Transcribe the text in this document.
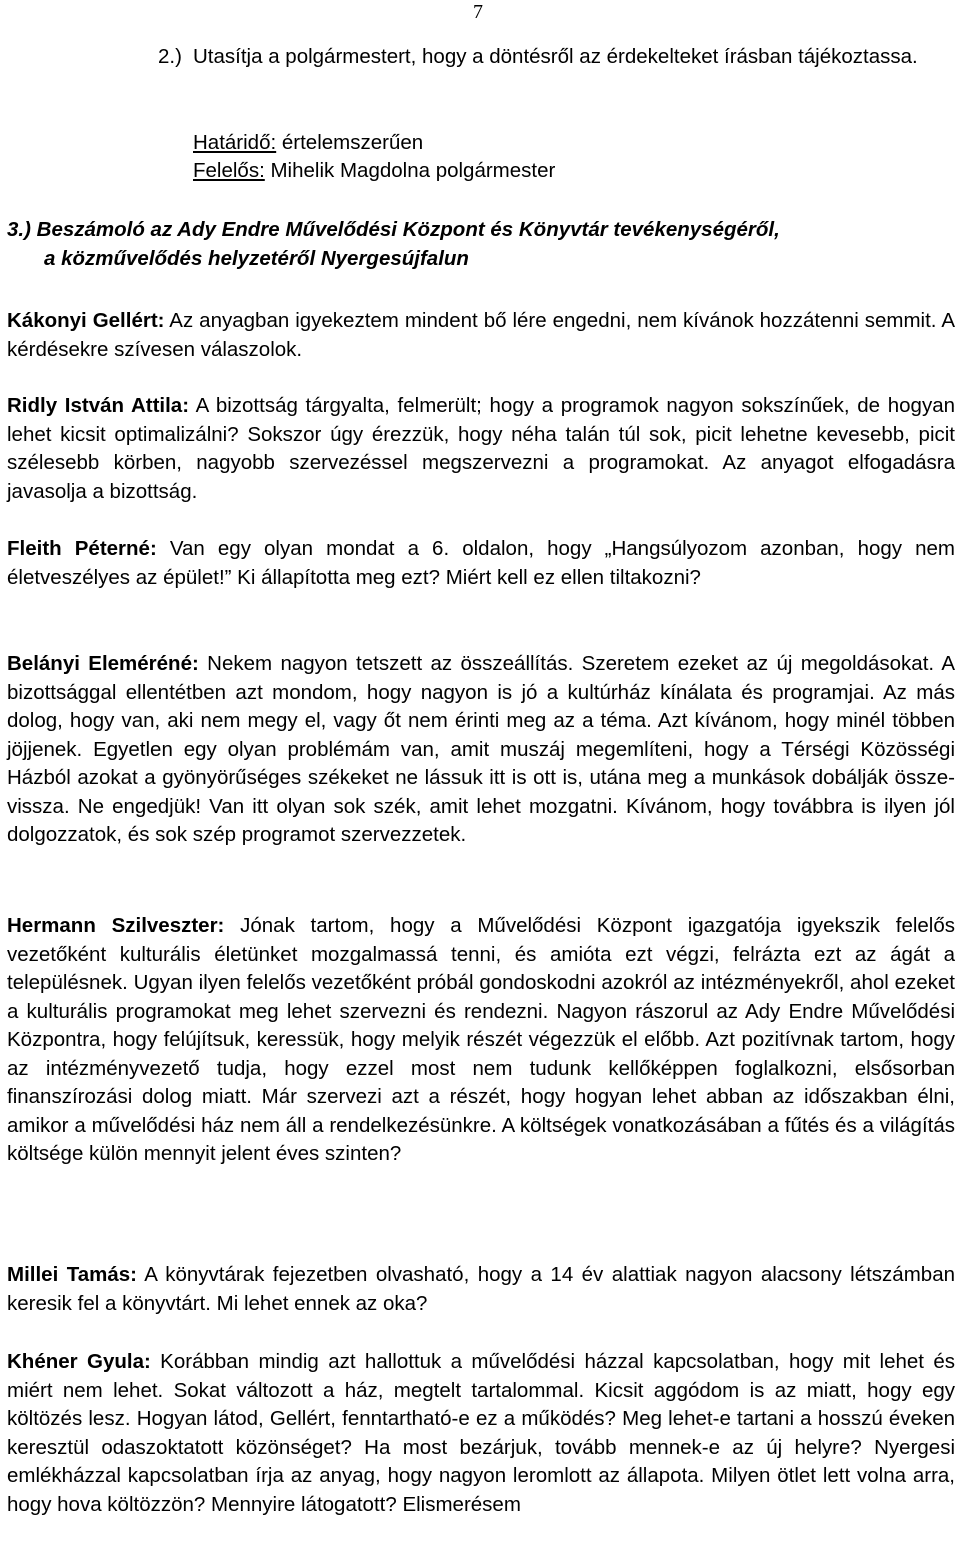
7
2.) Utasítja a polgármestert, hogy a döntésről az érdekelteket írásban tájékoztassa.
Határidő: értelemszerűen
Felelős: Mihelik Magdolna polgármester
3.) Beszámoló az Ady Endre Művelődési Központ és Könyvtár tevékenységéről,
a közművelődés helyzetéről Nyergesújfalun
Kákonyi Gellért: Az anyagban igyekeztem mindent bő lére engedni, nem kívánok hozzátenni semmit. A kérdésekre szívesen válaszolok.
Ridly István Attila: A bizottság tárgyalta, felmerült; hogy a programok nagyon sokszínűek, de hogyan lehet kicsit optimalizálni? Sokszor úgy érezzük, hogy néha talán túl sok, picit lehetne kevesebb, picit szélesebb körben, nagyobb szervezéssel megszervezni a programokat. Az anyagot elfogadásra javasolja a bizottság.
Fleith Péterné: Van egy olyan mondat a 6. oldalon, hogy „Hangsúlyozom azonban, hogy nem életveszélyes az épület!” Ki állapította meg ezt? Miért kell ez ellen tiltakozni?
Belányi Eleméréné: Nekem nagyon tetszett az összeállítás. Szeretem ezeket az új megoldásokat. A bizottsággal ellentétben azt mondom, hogy nagyon is jó a kultúrház kínálata és programjai. Az más dolog, hogy van, aki nem megy el, vagy őt nem érinti meg az a téma. Azt kívánom, hogy minél többen jöjjenek. Egyetlen egy olyan problémám van, amit muszáj megemlíteni, hogy a Térségi Közösségi Házból azokat a gyönyörűséges székeket ne lássuk itt is ott is, utána meg a munkások dobálják össze-vissza. Ne engedjük! Van itt olyan sok szék, amit lehet mozgatni. Kívánom, hogy továbbra is ilyen jól dolgozzatok, és sok szép programot szervezzetek.
Hermann Szilveszter: Jónak tartom, hogy a Művelődési Központ igazgatója igyekszik felelős vezetőként kulturális életünket mozgalmassá tenni, és amióta ezt végzi, felrázta ezt az ágát a településnek. Ugyan ilyen felelős vezetőként próbál gondoskodni azokról az intézményekről, ahol ezeket a kulturális programokat meg lehet szervezni és rendezni. Nagyon rászorul az Ady Endre Művelődési Központra, hogy felújítsuk, keressük, hogy melyik részét végezzük el előbb. Azt pozitívnak tartom, hogy az intézményvezető tudja, hogy ezzel most nem tudunk kellőképpen foglalkozni, elsősorban finanszírozási dolog miatt. Már szervezi azt a részét, hogy hogyan lehet abban az időszakban élni, amikor a művelődési ház nem áll a rendelkezésünkre. A költségek vonatkozásában a fűtés és a világítás költsége külön mennyit jelent éves szinten?
Millei Tamás: A könyvtárak fejezetben olvasható, hogy a 14 év alattiak nagyon alacsony létszámban keresik fel a könyvtárt. Mi lehet ennek az oka?
Khéner Gyula: Korábban mindig azt hallottuk a művelődési házzal kapcsolatban, hogy mit lehet és miért nem lehet. Sokat változott a ház, megtelt tartalommal. Kicsit aggódom is az miatt, hogy egy költözés lesz. Hogyan látod, Gellért, fenntartható-e ez a működés? Meg lehet-e tartani a hosszú éveken keresztül odaszoktatott közönséget? Ha most bezárjuk, tovább mennek-e az új helyre? Nyergesi emlékházzal kapcsolatban írja az anyag, hogy nagyon leromlott az állapota. Milyen ötlet lett volna arra, hogy hova költözzön? Mennyire látogatott? Elismerésem
